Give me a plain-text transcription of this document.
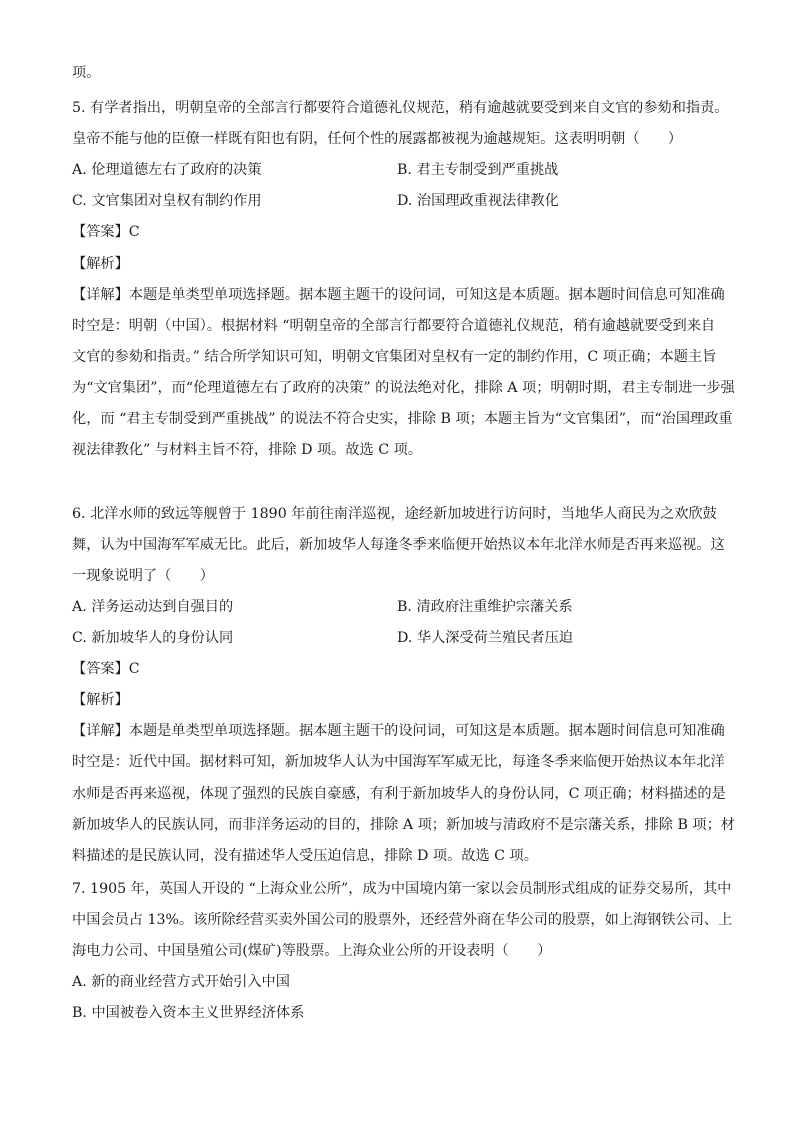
项。
5. 有学者指出，明朝皇帝的全部言行都要符合道德礼仪规范，稍有逾越就要受到来自文官的参劾和指责。
皇帝不能与他的臣僚一样既有阳也有阴，任何个性的展露都被视为逾越规矩。这表明明朝（　　）
A. 伦理道德左右了政府的决策	B. 君主专制受到严重挑战
C. 文官集团对皇权有制约作用	D. 治国理政重视法律教化
【答案】C
【解析】
【详解】本题是单类型单项选择题。据本题主题干的设问词，可知这是本质题。据本题时间信息可知准确
时空是：明朝（中国）。根据材料 “明朝皇帝的全部言行都要符合道德礼仪规范，稍有逾越就要受到来自
文官的参劾和指责。” 结合所学知识可知，明朝文官集团对皇权有一定的制约作用，C 项正确；本题主旨
为“文官集团”，而“伦理道德左右了政府的决策” 的说法绝对化，排除 A 项；明朝时期，君主专制进一步强
化，而 “君主专制受到严重挑战” 的说法不符合史实，排除 B 项；本题主旨为“文官集团”，而“治国理政重
视法律教化” 与材料主旨不符，排除 D 项。故选 C 项。
6. 北洋水师的致远等舰曾于 1890 年前往南洋巡视，途经新加坡进行访问时，当地华人商民为之欢欣鼓
舞，认为中国海军军威无比。此后，新加坡华人每逢冬季来临便开始热议本年北洋水师是否再来巡视。这
一现象说明了（　　）
A. 洋务运动达到自强目的	B. 清政府注重维护宗藩关系
C. 新加坡华人的身份认同	D. 华人深受荷兰殖民者压迫
【答案】C
【解析】
【详解】本题是单类型单项选择题。据本题主题干的设问词，可知这是本质题。据本题时间信息可知准确
时空是：近代中国。据材料可知，新加坡华人认为中国海军军威无比，每逢冬季来临便开始热议本年北洋
水师是否再来巡视，体现了强烈的民族自豪感，有利于新加坡华人的身份认同，C 项正确；材料描述的是
新加坡华人的民族认同，而非洋务运动的目的，排除 A 项；新加坡与清政府不是宗藩关系，排除 B 项；材
料描述的是民族认同，没有描述华人受压迫信息，排除 D 项。故选 C 项。
7. 1905 年，英国人开设的 “上海众业公所”，成为中国境内第一家以会员制形式组成的证券交易所，其中
中国会员占 13%。该所除经营买卖外国公司的股票外，还经营外商在华公司的股票，如上海钢铁公司、上
海电力公司、中国垦殖公司(煤矿)等股票。上海众业公所的开设表明（　　）
A. 新的商业经营方式开始引入中国
B. 中国被卷入资本主义世界经济体系
